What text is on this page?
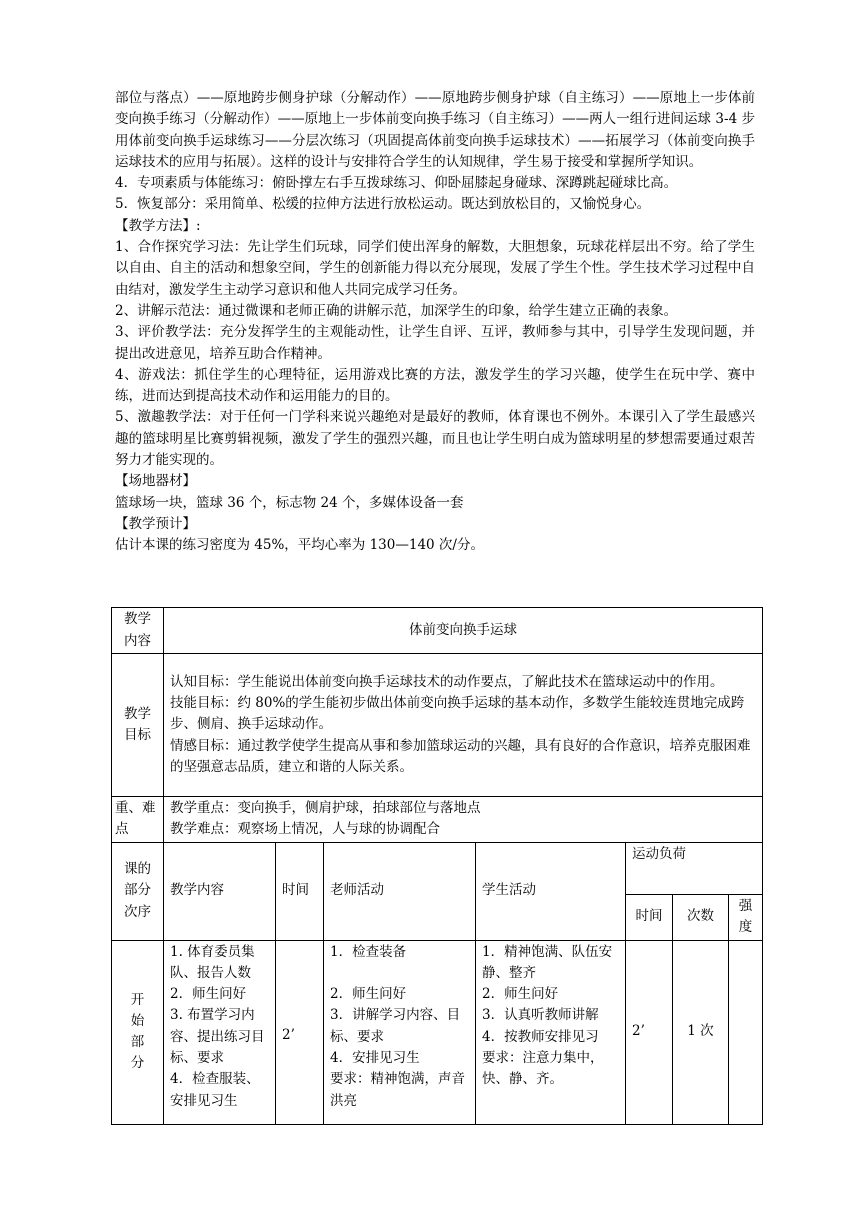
部位与落点）——原地跨步侧身护球（分解动作）——原地跨步侧身护球（自主练习）——原地上一步体前变向换手练习（分解动作）——原地上一步体前变向换手练习（自主练习）——两人一组行进间运球 3-4 步用体前变向换手运球练习——分层次练习（巩固提高体前变向换手运球技术）——拓展学习（体前变向换手运球技术的应用与拓展）。这样的设计与安排符合学生的认知规律，学生易于接受和掌握所学知识。

4．专项素质与体能练习：俯卧撑左右手互拨球练习、仰卧屈膝起身碰球、深蹲跳起碰球比高。

5．恢复部分：采用简单、松缓的拉伸方法进行放松运动。既达到放松目的，又愉悦身心。

【教学方法】:

1、合作探究学习法：先让学生们玩球，同学们使出浑身的解数，大胆想象，玩球花样层出不穷。给了学生以自由、自主的活动和想象空间，学生的创新能力得以充分展现，发展了学生个性。学生技术学习过程中自由结对，激发学生主动学习意识和他人共同完成学习任务。

2、讲解示范法：通过微课和老师正确的讲解示范，加深学生的印象，给学生建立正确的表象。

3、评价教学法：充分发挥学生的主观能动性，让学生自评、互评，教师参与其中，引导学生发现问题，并提出改进意见，培养互助合作精神。

4、游戏法：抓住学生的心理特征，运用游戏比赛的方法，激发学生的学习兴趣，使学生在玩中学、赛中练，进而达到提高技术动作和运用能力的目的。

5、激趣教学法：对于任何一门学科来说兴趣绝对是最好的教师，体育课也不例外。本课引入了学生最感兴趣的篮球明星比赛剪辑视频，激发了学生的强烈兴趣，而且也让学生明白成为篮球明星的梦想需要通过艰苦努力才能实现的。

【场地器材】

篮球场一块，篮球 36 个，标志物 24 个，多媒体设备一套

【教学预计】

估计本课的练习密度为 45%，平均心率为 130—140 次/分。

教学
内容	体前变向换手运球						
教学
目标	认知目标：学生能说出体前变向换手运球技术的动作要点，了解此技术在篮球运动中的作用。
技能目标：约 80%的学生能初步做出体前变向换手运球的基本动作，多数学生能较连贯地完成跨步、侧肩、换手运球动作。
情感目标：通过教学使学生提高从事和参加篮球运动的兴趣，具有良好的合作意识，培养克服困难的坚强意志品质，建立和谐的人际关系。						
重、难
点	教学重点：变向换手，侧肩护球，拍球部位与落地点
教学难点：观察场上情况，人与球的协调配合						
课的
部分
次序	教学内容	时间	老师活动	学生活动	运动负荷		
					时间	次数	强
度
开
始
部
分	1. 体育委员集队、报告人数
2．师生问好
3. 布置学习内容、提出练习目标、要求
4．检查服装、安排见习生	2’	1．检查装备

2．师生问好
3．讲解学习内容、目标、要求
4．安排见习生
要求：精神饱满，声音洪亮	1．精神饱满、队伍安静、整齐
2．师生问好
3．认真听教师讲解
4．按教师安排见习
要求：注意力集中，快、静、齐。	2’	1 次	
